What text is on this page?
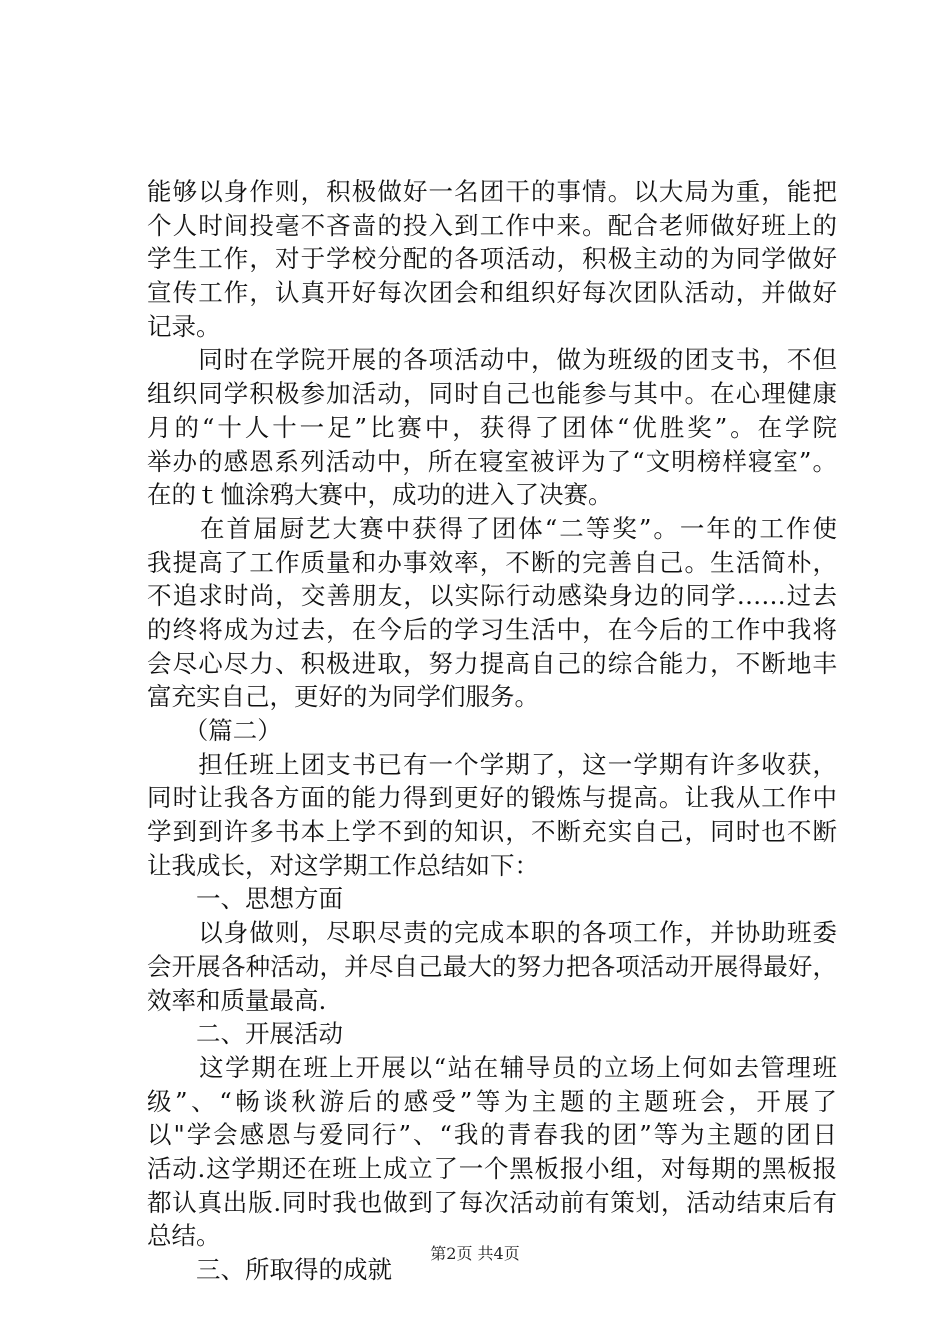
能够以身作则，积极做好一名团干的事情。以大局为重，能把
个人时间投毫不吝啬的投入到工作中来。配合老师做好班上的
学生工作，对于学校分配的各项活动，积极主动的为同学做好
宣传工作，认真开好每次团会和组织好每次团队活动，并做好
记录。
　　同时在学院开展的各项活动中，做为班级的团支书，不但
组织同学积极参加活动，同时自己也能参与其中。在心理健康
月的“十人十一足”比赛中，获得了团体“优胜奖”。在学院
举办的感恩系列活动中，所在寝室被评为了“文明榜样寝室”。
在的ｔ恤涂鸦大赛中，成功的进入了决赛。
　　在首届厨艺大赛中获得了团体“二等奖”。一年的工作使
我提高了工作质量和办事效率，不断的完善自己。生活简朴，
不追求时尚，交善朋友，以实际行动感染身边的同学……过去
的终将成为过去，在今后的学习生活中，在今后的工作中我将
会尽心尽力、积极进取，努力提高自己的综合能力，不断地丰
富充实自己，更好的为同学们服务。
　　（篇二）
　　担任班上团支书已有一个学期了，这一学期有许多收获，
同时让我各方面的能力得到更好的锻炼与提高。让我从工作中
学到到许多书本上学不到的知识，不断充实自己，同时也不断
让我成长，对这学期工作总结如下：
　　一、思想方面
　　以身做则，尽职尽责的完成本职的各项工作，并协助班委
会开展各种活动，并尽自己最大的努力把各项活动开展得最好，
效率和质量最高.
　　二、开展活动
　　这学期在班上开展以“站在辅导员的立场上何如去管理班
级”、“畅谈秋游后的感受”等为主题的主题班会，开展了
以"学会感恩与爱同行”、“我的青春我的团”等为主题的团日
活动.这学期还在班上成立了一个黑板报小组，对每期的黑板报
都认真出版.同时我也做到了每次活动前有策划，活动结束后有
总结。
　　三、所取得的成就
第2页 共4页
